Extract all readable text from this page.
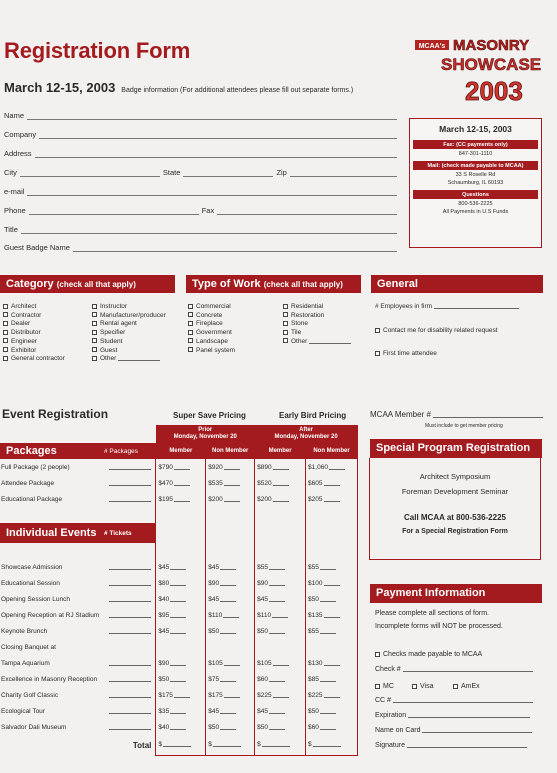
Registration Form
March 12-15, 2003 Badge information (For additional attendees please fill out separate forms.)
MCAA's MASONRY
SHOWCASE
2003
Name
Company
Address
City	State	Zip
e-mail
Phone	Fax
Title
Guest Badge Name
March 12-15, 2003
Fax: (CC payments only)
847-301-1110
Mail: (check made payable to MCAA)
33 S Roselle Rd
Schaumburg, IL 60193
Questions
800-536-2225
All Payments in U.S Funds
Category (check all that apply)
Architect
Contractor
Dealer
Distributor
Engineer
Exhibitor
General contractor
Instructor
Manufacturer/producer
Rental agent
Specifier
Student
Guest
Other
Type of Work (check all that apply)
Commercial
Concrete
Fireplace
Government
Landscape
Panel system
Residential
Restoration
Stone
Tile
Other
General
# Employees in firm
Contact me for disability related request
First time attendee
Event Registration	Super Save Pricing	Early Bird Pricing	MCAA Member #
Must include to get member pricing
		Prior
Monday, November 20		After
Monday, November 20	
Packages	# Packages	Member	Non Member	Member	Non Member
Full Package (2 people)		$790	$920	$890	$1,060
Attendee Package		$470	$535	$520	$605
Educational Package		$195	$200	$200	$205

Individual Events	# Tickets				

Showcase Admission		$45	$45	$55	$55
Educational Session		$80	$90	$90	$100
Opening Session Lunch		$40	$45	$45	$50
Opening Reception at RJ Stadium		$95	$110	$110	$135
Keynote Brunch		$45	$50	$50	$55
Closing Banquet at					
Tampa Aquarium		$90	$105	$105	$130
Excellence in Masonry Reception		$50	$75	$60	$85
Charity Golf Classic		$175	$175	$225	$225
Ecological Tour		$35	$45	$45	$50
Salvador Dali Museum		$40	$50	$50	$60
	Total	$	$	$	$
Special Program Registration
Architect Symposium
Foreman Development Seminar
Call MCAA at 800-536-2225
For a Special Registration Form
Payment Information
Please complete all sections of form.
Incomplete forms will NOT be processed.
Checks made payable to MCAA
Check #
MC	Visa	AmEx
CC #
Expiration
Name on Card
Signature
